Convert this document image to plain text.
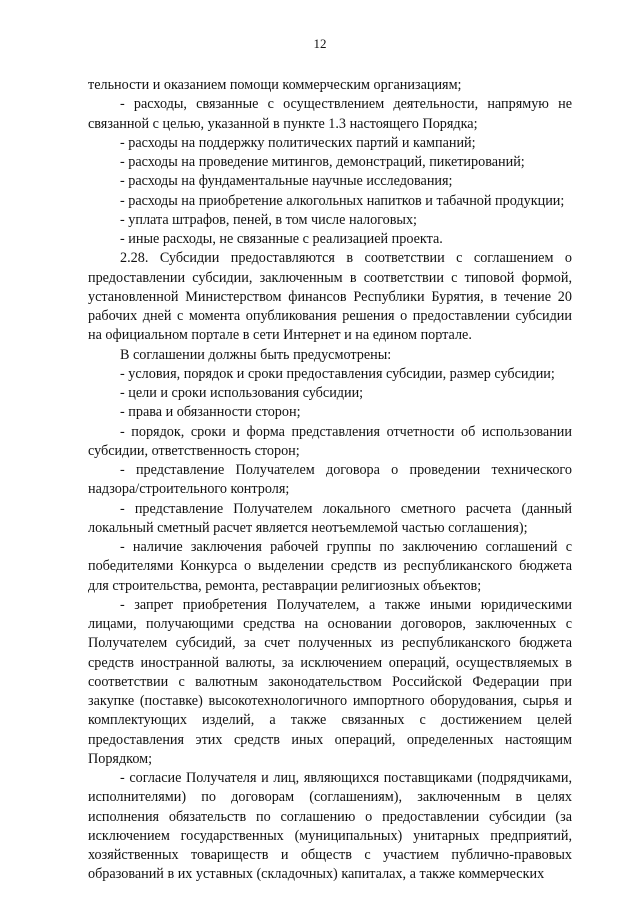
12

тельности и оказанием помощи коммерческим организациям;

- расходы, связанные с осуществлением деятельности, напрямую не связанной с целью, указанной в пункте 1.3 настоящего Порядка;

- расходы на поддержку политических партий и кампаний;

- расходы на проведение митингов, демонстраций, пикетирований;

- расходы на фундаментальные научные исследования;

- расходы на приобретение алкогольных напитков и табачной продукции;

- уплата штрафов, пеней, в том числе налоговых;

- иные расходы, не связанные с реализацией проекта.

2.28. Субсидии предоставляются в соответствии с соглашением о предоставлении субсидии, заключенным в соответствии с типовой формой, установленной Министерством финансов Республики Бурятия, в течение 20 рабочих дней с момента опубликования решения о предоставлении субсидии на официальном портале в сети Интернет и на едином портале.

В соглашении должны быть предусмотрены:

- условия, порядок и сроки предоставления субсидии, размер субсидии;

- цели и сроки использования субсидии;

- права и обязанности сторон;

- порядок, сроки и форма представления отчетности об использовании субсидии, ответственность сторон;

- представление Получателем договора о проведении технического надзора/строительного контроля;

- представление Получателем локального сметного расчета (данный локальный сметный расчет является неотъемлемой частью соглашения);

- наличие заключения рабочей группы по заключению соглашений с победителями Конкурса о выделении средств из республиканского бюджета для строительства, ремонта, реставрации религиозных объектов;

- запрет приобретения Получателем, а также иными юридическими лицами, получающими средства на основании договоров, заключенных с Получателем субсидий, за счет полученных из республиканского бюджета средств иностранной валюты, за исключением операций, осуществляемых в соответствии с валютным законодательством Российской Федерации при закупке (поставке) высокотехнологичного импортного оборудования, сырья и комплектующих изделий, а также связанных с достижением целей предоставления этих средств иных операций, определенных настоящим Порядком;

- согласие Получателя и лиц, являющихся поставщиками (подрядчиками, исполнителями) по договорам (соглашениям), заключенным в целях исполнения обязательств по соглашению о предоставлении субсидии (за исключением государственных (муниципальных) унитарных предприятий, хозяйственных товариществ и обществ с участием публично-правовых образований в их уставных (складочных) капиталах, а также коммерческих
